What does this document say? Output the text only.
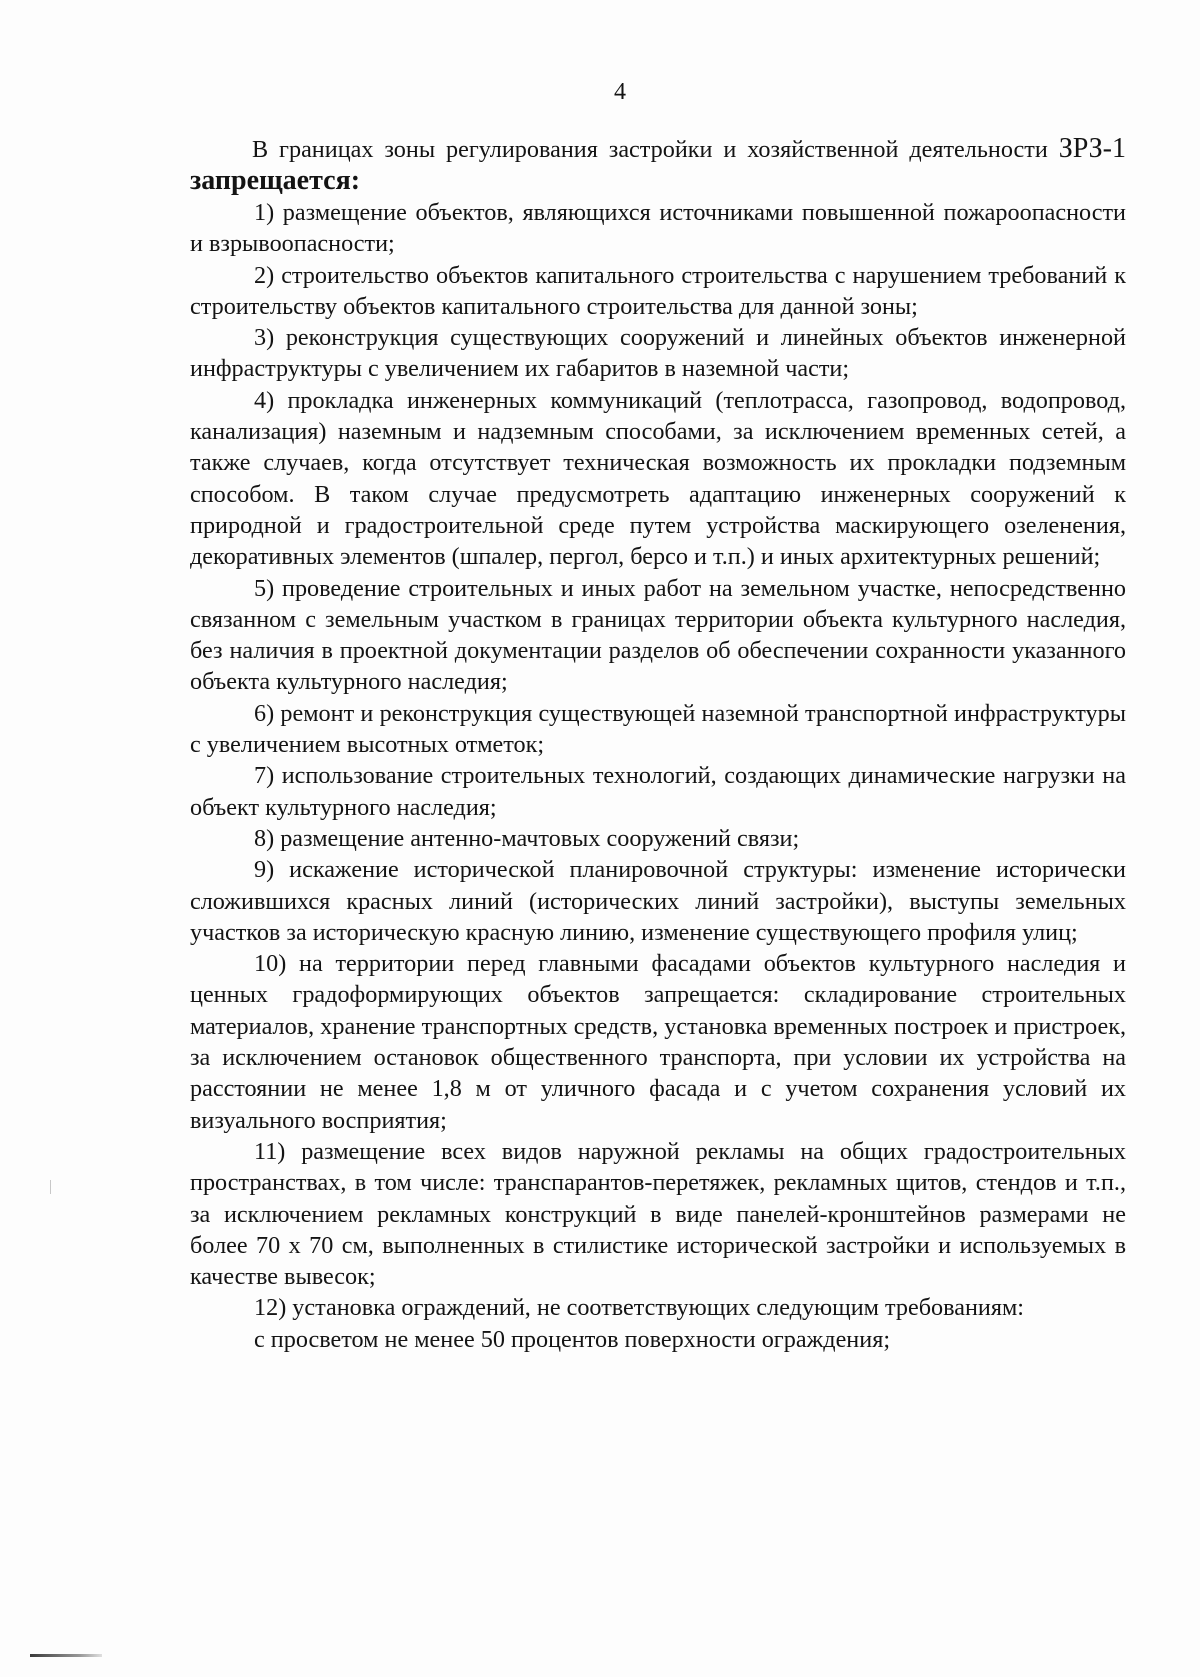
4

В границах зоны регулирования застройки и хозяйственной деятельности ЗРЗ-1 запрещается:

1) размещение объектов, являющихся источниками повышенной пожароопасности и взрывоопасности;

2) строительство объектов капитального строительства с нарушением требований к строительству объектов капитального строительства для данной зоны;

3) реконструкция существующих сооружений и линейных объектов инженерной инфраструктуры с увеличением их габаритов в наземной части;

4) прокладка инженерных коммуникаций (теплотрасса, газопровод, водопровод, канализация) наземным и надземным способами, за исключением временных сетей, а также случаев, когда отсутствует техническая возможность их прокладки подземным способом. В таком случае предусмотреть адаптацию инженерных сооружений к природной и градостроительной среде путем устройства маскирующего озеленения, декоративных элементов (шпалер, пергол, берсо и т.п.) и иных архитектурных решений;

5) проведение строительных и иных работ на земельном участке, непосредственно связанном с земельным участком в границах территории объекта культурного наследия, без наличия в проектной документации разделов об обеспечении сохранности указанного объекта культурного наследия;

6) ремонт и реконструкция существующей наземной транспортной инфраструктуры с увеличением высотных отметок;

7) использование строительных технологий, создающих динамические нагрузки на объект культурного наследия;

8) размещение антенно-мачтовых сооружений связи;

9) искажение исторической планировочной структуры: изменение исторически сложившихся красных линий (исторических линий застройки), выступы земельных участков за историческую красную линию, изменение существующего профиля улиц;

10) на территории перед главными фасадами объектов культурного наследия и ценных градоформирующих объектов запрещается: складирование строительных материалов, хранение транспортных средств, установка временных построек и пристроек, за исключением остановок общественного транспорта, при условии их устройства на расстоянии не менее 1,8 м от уличного фасада и с учетом сохранения условий их визуального восприятия;

11) размещение всех видов наружной рекламы на общих градостроительных пространствах, в том числе: транспарантов-перетяжек, рекламных щитов, стендов и т.п., за исключением рекламных конструкций в виде панелей-кронштейнов размерами не более 70 х 70 см, выполненных в стилистике исторической застройки и используемых в качестве вывесок;

12) установка ограждений, не соответствующих следующим требованиям:

с просветом не менее 50 процентов поверхности ограждения;
